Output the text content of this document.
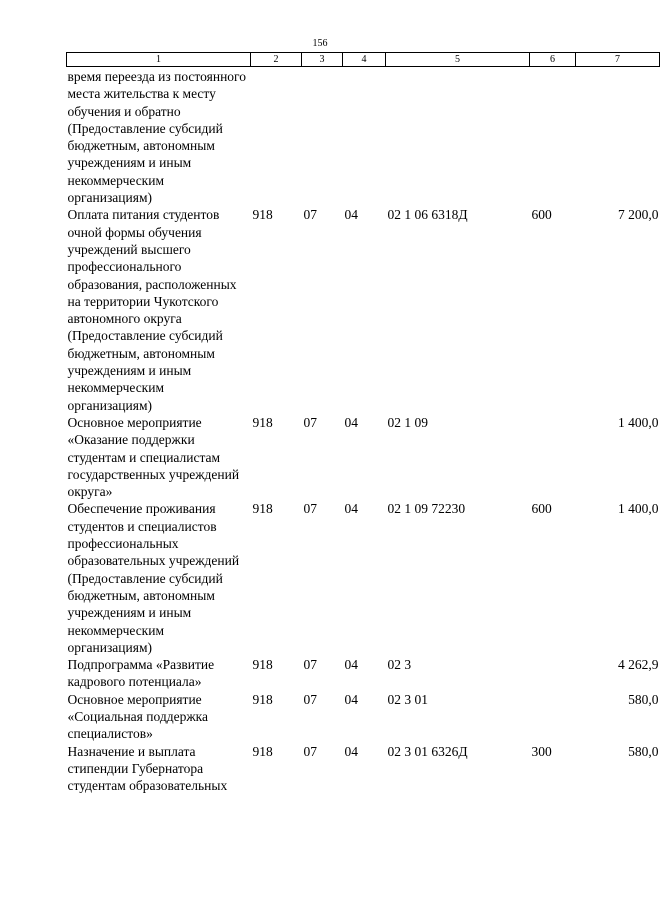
156
1	2	3	4	5	6	7
время переезда из постоянного места жительства к месту обучения и обратно (Предоставление субсидий бюджетным, автономным учреждениям и иным некоммерческим организациям)						
Оплата питания студентов очной формы обучения учреждений высшего профессионального образования, расположенных на территории Чукотского автономного округа (Предоставление субсидий бюджетным, автономным учреждениям и иным некоммерческим организациям)	918	07	04	02 1 06 6318Д	600	7 200,0
Основное мероприятие «Оказание поддержки студентам и специалистам государственных учреждений округа»	918	07	04	02 1 09		1 400,0
Обеспечение проживания студентов и специалистов профессиональных образовательных учреждений (Предоставление субсидий бюджетным, автономным учреждениям и иным некоммерческим организациям)	918	07	04	02 1 09 72230	600	1 400,0
Подпрограмма «Развитие кадрового потенциала»	918	07	04	02 3		4 262,9
Основное мероприятие «Социальная поддержка специалистов»	918	07	04	02 3 01		580,0
Назначение и выплата стипендии Губернатора студентам образовательных	918	07	04	02 3 01 6326Д	300	580,0
